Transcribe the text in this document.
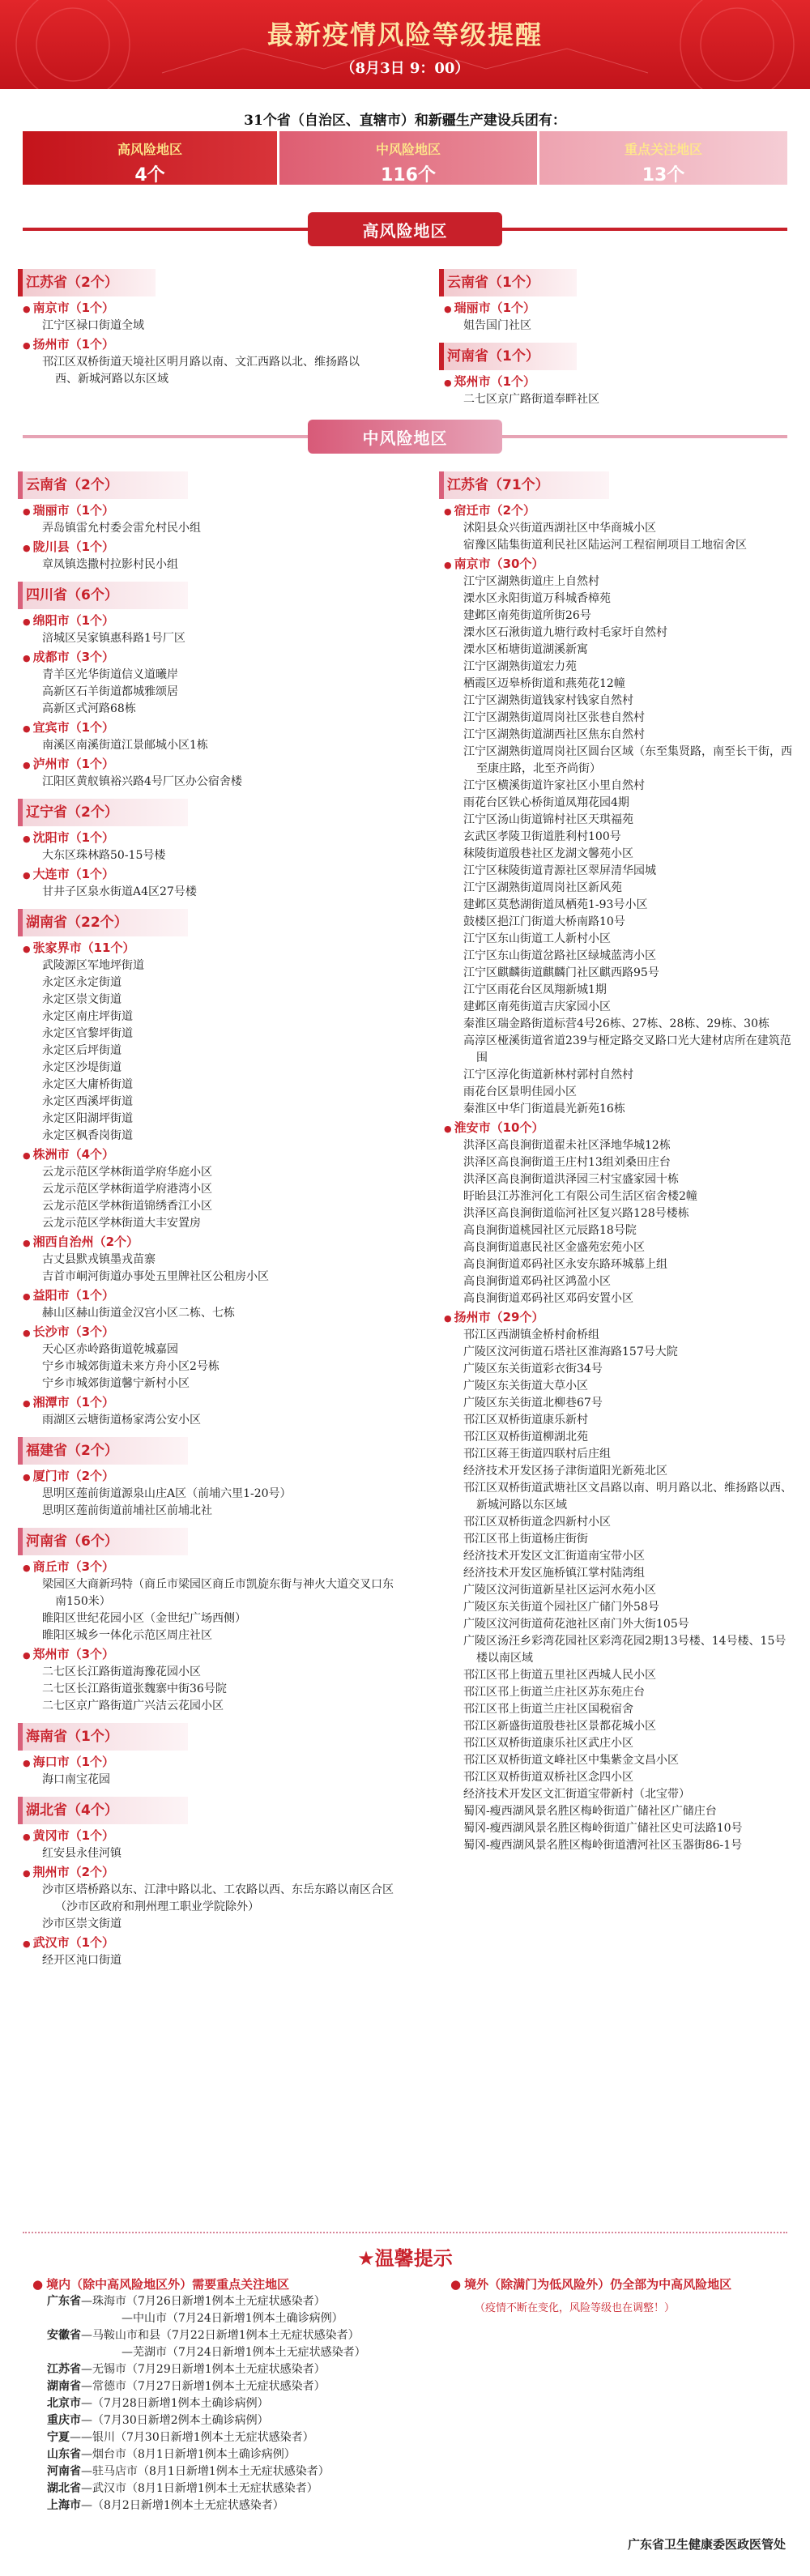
最新疫情风险等级提醒
（8月3日 9：00）
31个省（自治区、直辖市）和新疆生产建设兵团有：
高风险地区
4个
中风险地区
116个
重点关注地区
13个
高风险地区
江苏省（2个）
● 南京市（1个）
江宁区禄口街道全域
● 扬州市（1个）
邗江区双桥街道天境社区明月路以南、文汇西路以北、维扬路以西、新城河路以东区域
云南省（1个）
● 瑞丽市（1个）
姐告国门社区
河南省（1个）
● 郑州市（1个）
二七区京广路街道奉畔社区
中风险地区
云南省（2个）
● 瑞丽市（1个）
弄岛镇雷允村委会雷允村民小组
● 陇川县（1个）
章凤镇迭撒村拉影村民小组
四川省（6个）
● 绵阳市（1个）
涪城区吴家镇惠科路1号厂区
● 成都市（3个）
青羊区光华街道信义道曦岸
高新区石羊街道都城雅颂居
高新区式河路68栋
● 宜宾市（1个）
南溪区南溪街道江景邮城小区1栋
● 泸州市（1个）
江阳区黄舣镇裕兴路4号厂区办公宿舍楼
辽宁省（2个）
● 沈阳市（1个）
大东区珠林路50-15号楼
● 大连市（1个）
甘井子区泉水街道A4区27号楼
湖南省（22个）
● 张家界市（11个）
武陵源区军地坪街道
永定区永定街道
永定区崇文街道
永定区南庄坪街道
永定区官黎坪街道
永定区后坪街道
永定区沙堤街道
永定区大庸桥街道
永定区西溪坪街道
永定区阳湖坪街道
永定区枫香岗街道
● 株洲市（4个）
云龙示范区学林街道学府华庭小区
云龙示范区学林街道学府港湾小区
云龙示范区学林街道锦绣香江小区
云龙示范区学林街道大丰安置房
● 湘西自治州（2个）
古丈县默戎镇墨戎苗寨
吉首市峒河街道办事处五里牌社区公租房小区
● 益阳市（1个）
赫山区赫山街道金汉宫小区二栋、七栋
● 长沙市（3个）
天心区赤岭路街道乾城嘉园
宁乡市城郊街道未来方舟小区2号栋
宁乡市城郊街道馨宁新村小区
● 湘潭市（1个）
雨湖区云塘街道杨家湾公安小区
福建省（2个）
● 厦门市（2个）
思明区莲前街道源泉山庄A区（前埔六里1-20号）
思明区莲前街道前埔社区前埔北社
河南省（6个）
● 商丘市（3个）
梁园区大商新玛特（商丘市梁园区商丘市凯旋东街与神火大道交叉口东南150米）
睢阳区世纪花园小区（金世纪广场西侧）
睢阳区城乡一体化示范区周庄社区
● 郑州市（3个）
二七区长江路街道海豫花园小区
二七区长江路街道张魏寨中街36号院
二七区京广路街道广兴洁云花园小区
海南省（1个）
● 海口市（1个）
海口南宝花园
湖北省（4个）
● 黄冈市（1个）
红安县永佳河镇
● 荆州市（2个）
沙市区塔桥路以东、江津中路以北、工农路以西、东岳东路以南区合区（沙市区政府和荆州理工职业学院除外）
沙市区崇文街道
● 武汉市（1个）
经开区沌口街道
江苏省（71个）
● 宿迁市（2个）
沭阳县众兴街道西湖社区中华商城小区
宿豫区陆集街道利民社区陆运河工程宿闸项目工地宿舍区
● 南京市（30个）
江宁区湖熟街道庄上自然村
溧水区永阳街道万科城香樟苑
建邺区南苑街道所街26号
溧水区石湫街道九塘行政村毛家圩自然村
溧水区柘塘街道湖溪新寓
江宁区湖熟街道宏力苑
栖霞区迈皋桥街道和燕苑花12幢
江宁区湖熟街道钱家村钱家自然村
江宁区湖熟街道周岗社区张巷自然村
江宁区湖熟街道湖西社区焦东自然村
江宁区湖熟街道周岗社区圆台区域（东至集贤路，南至长干街，西至康庄路，北至齐尚街）
江宁区横溪街道许家社区小里自然村
雨花台区铁心桥街道凤翔花园4期
江宁区汤山街道锦村社区天琪福苑
玄武区孝陵卫街道胜利村100号
秣陵街道殷巷社区龙湖文馨苑小区
江宁区秣陵街道青源社区翠屏清华园城
江宁区湖熟街道周岗社区新风苑
建邺区莫愁湖街道凤栖苑1-93号小区
鼓楼区挹江门街道大桥南路10号
江宁区东山街道工人新村小区
江宁区东山街道岔路社区绿城蓝湾小区
江宁区麒麟街道麒麟门社区麒西路95号
江宁区雨花台区凤翔新城1期
建邺区南苑街道吉庆家园小区
秦淮区瑞金路街道标营4号26栋、27栋、28栋、29栋、30栋
高淳区桠溪街道省道239与桠定路交叉路口光大建材店所在建筑范围
江宁区淳化街道新林村郭村自然村
雨花台区景明佳园小区
秦淮区中华门街道晨光新苑16栋
● 淮安市（10个）
洪泽区高良涧街道翟未社区泽地华城12栋
洪泽区高良涧街道王庄村13组刘桑田庄台
洪泽区高良涧街道洪泽园三村宝盛家园十栋
盱眙县江苏淮河化工有限公司生活区宿舍楼2幢
洪泽区高良涧街道临河社区复兴路128号楼栋
高良涧街道桃园社区元辰路18号院
高良涧街道惠民社区金盛苑宏苑小区
高良涧街道邓码社区永安东路环城慕上组
高良涧街道邓码社区鸿盈小区
高良涧街道邓码社区邓码安置小区
● 扬州市（29个）
邗江区西湖镇金桥村俞桥组
广陵区汶河街道石塔社区淮海路157号大院
广陵区东关街道彩衣街34号
广陵区东关街道大草小区
广陵区东关街道北柳巷67号
邗江区双桥街道康乐新村
邗江区双桥街道柳湖北苑
邗江区蒋王街道四联村后庄组
经济技术开发区扬子津街道阳光新苑北区
邗江区双桥街道武塘社区文昌路以南、明月路以北、维扬路以西、新城河路以东区域
邗江区双桥街道念四新村小区
邗江区邗上街道杨庄街街
经济技术开发区文汇街道南宝带小区
经济技术开发区施桥镇江掌村陆湾组
广陵区汶河街道新星社区运河水苑小区
广陵区东关街道个园社区广储门外58号
广陵区汶河街道荷花池社区南门外大街105号
广陵区汤汪乡彩湾花园社区彩湾花园2期13号楼、14号楼、15号楼以南区域
邗江区邗上街道五里社区西城人民小区
邗江区邗上街道兰庄社区苏东苑庄台
邗江区邗上街道兰庄社区国税宿舍
邗江区新盛街道殷巷社区景都花城小区
邗江区双桥街道康乐社区武庄小区
邗江区双桥街道文峰社区中集紫金文昌小区
邗江区双桥街道双桥社区念四小区
经济技术开发区文汇街道宝带新村（北宝带）
蜀冈-瘦西湖风景名胜区梅岭街道广储社区广储庄台
蜀冈-瘦西湖风景名胜区梅岭街道广储社区史可法路10号
蜀冈-瘦西湖风景名胜区梅岭街道漕河社区玉器街86-1号
★温馨提示
● 境内（除中高风险地区外）需要重点关注地区
广东省—珠海市（7月26日新增1例本土无症状感染者）
—中山市（7月24日新增1例本土确诊病例）
安徽省—马鞍山市和县（7月22日新增1例本土无症状感染者）
—芜湖市（7月24日新增1例本土无症状感染者）
江苏省—无锡市（7月29日新增1例本土无症状感染者）
湖南省—常德市（7月27日新增1例本土无症状感染者）
北京市—（7月28日新增1例本土确诊病例）
重庆市—（7月30日新增2例本土确诊病例）
宁夏——银川（7月30日新增1例本土无症状感染者）
山东省—烟台市（8月1日新增1例本土确诊病例）
河南省—驻马店市（8月1日新增1例本土无症状感染者）
湖北省—武汉市（8月1日新增1例本土无症状感染者）
上海市—（8月2日新增1例本土无症状感染者）
● 境外（除满门为低风险外）仍全部为中高风险地区
（疫情不断在变化，风险等级也在调整！）
广东省卫生健康委医政医管处
